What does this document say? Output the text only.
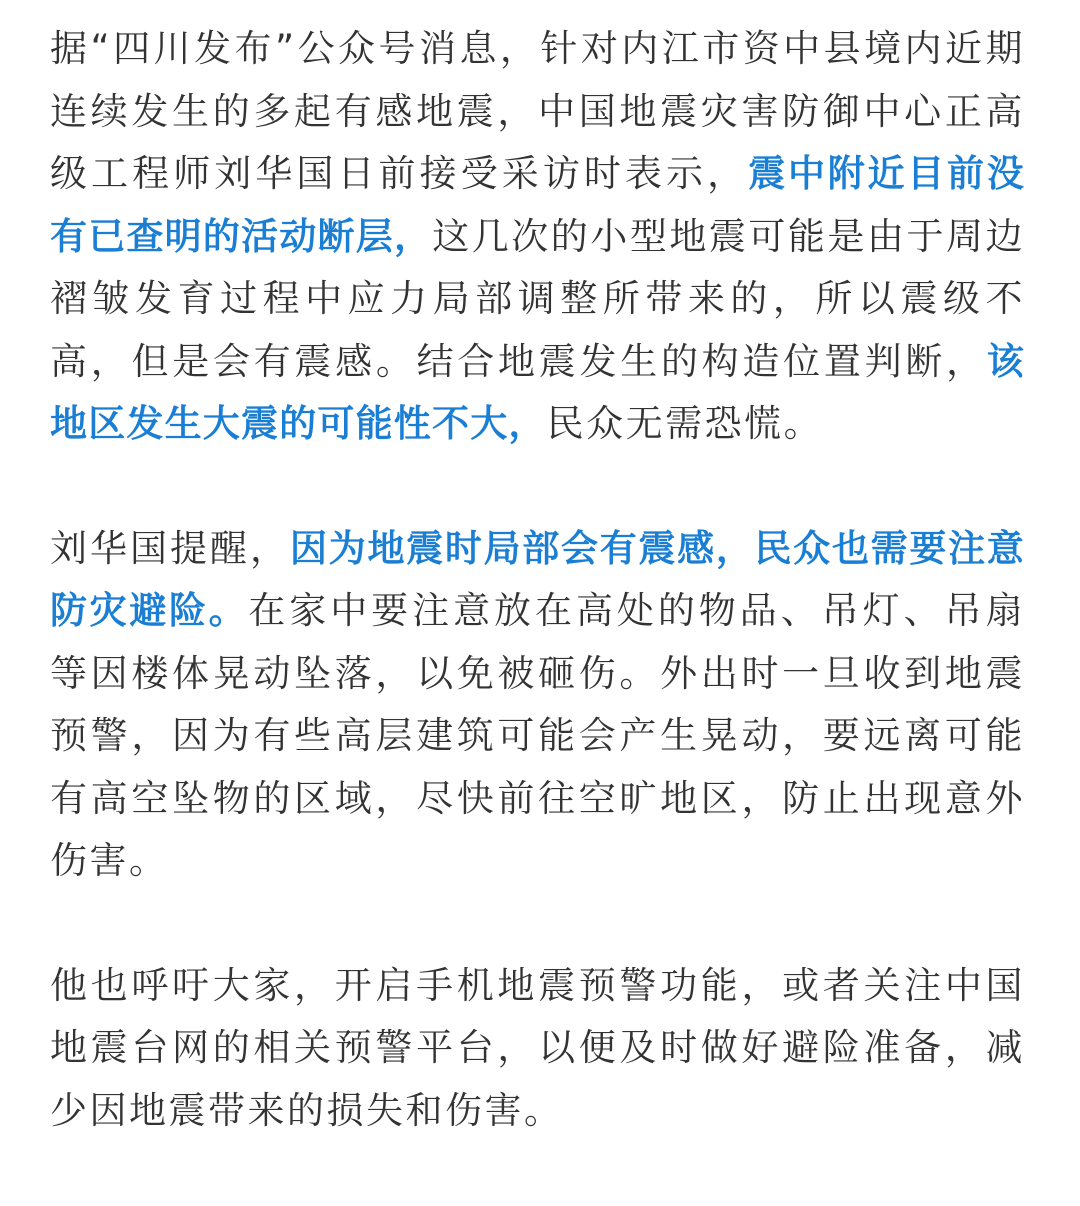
据“四川发布”公众号消息，针对内江市资中县境内近期连续发生的多起有感地震，中国地震灾害防御中心正高级工程师刘华国日前接受采访时表示，震中附近目前没有已查明的活动断层，这几次的小型地震可能是由于周边褶皱发育过程中应力局部调整所带来的，所以震级不高，但是会有震感。结合地震发生的构造位置判断，该地区发生大震的可能性不大，民众无需恐慌。

刘华国提醒，因为地震时局部会有震感，民众也需要注意防灾避险。在家中要注意放在高处的物品、吊灯、吊扇等因楼体晃动坠落，以免被砸伤。外出时一旦收到地震预警，因为有些高层建筑可能会产生晃动，要远离可能有高空坠物的区域，尽快前往空旷地区，防止出现意外伤害。

他也呼吁大家，开启手机地震预警功能，或者关注中国地震台网的相关预警平台，以便及时做好避险准备，减少因地震带来的损失和伤害。
